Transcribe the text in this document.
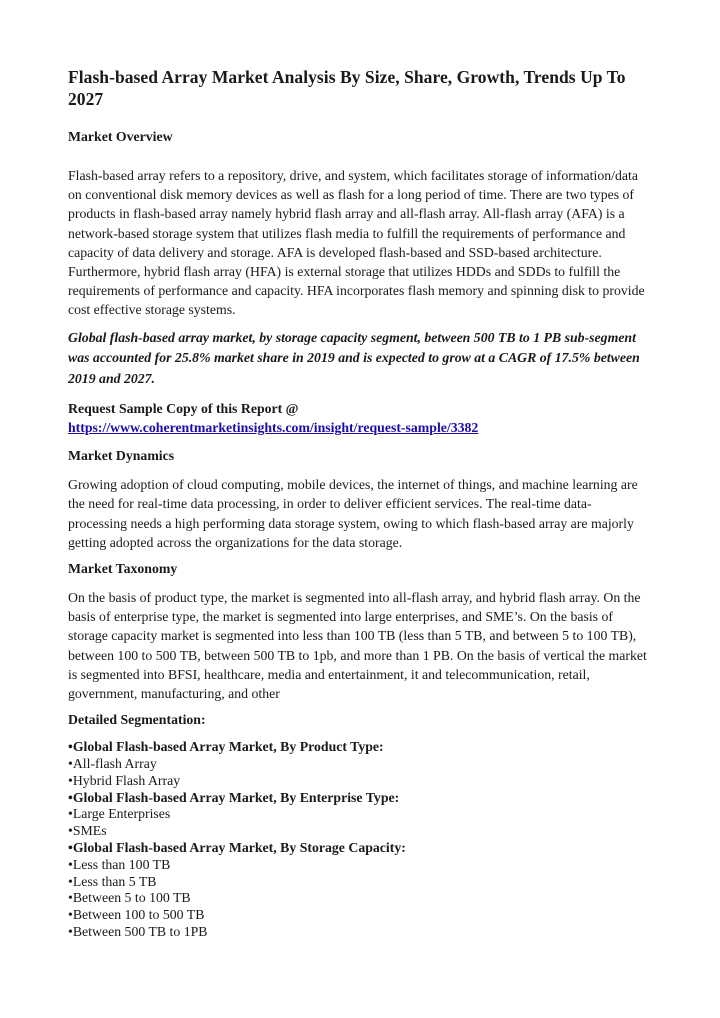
Flash-based Array Market Analysis By Size, Share, Growth, Trends Up To 2027
Market Overview

Flash-based array refers to a repository, drive, and system, which facilitates storage of information/data on conventional disk memory devices as well as flash for a long period of time. There are two types of products in flash-based array namely hybrid flash array and all-flash array. All-flash array (AFA) is a network-based storage system that utilizes flash media to fulfill the requirements of performance and capacity of data delivery and storage. AFA is developed flash-based and SSD-based architecture. Furthermore, hybrid flash array (HFA) is external storage that utilizes HDDs and SDDs to fulfill the requirements of performance and capacity. HFA incorporates flash memory and spinning disk to provide cost effective storage systems.

Global flash-based array market, by storage capacity segment, between 500 TB to 1 PB sub-segment was accounted for 25.8% market share in 2019 and is expected to grow at a CAGR of 17.5% between 2019 and 2027.

Request Sample Copy of this Report @
https://www.coherentmarketinsights.com/insight/request-sample/3382
Market Dynamics

Growing adoption of cloud computing, mobile devices, the internet of things, and machine learning are the need for real-time data processing, in order to deliver efficient services. The real-time data-processing needs a high performing data storage system, owing to which flash-based array are majorly getting adopted across the organizations for the data storage.

Market Taxonomy

On the basis of product type, the market is segmented into all-flash array, and hybrid flash array. On the basis of enterprise type, the market is segmented into large enterprises, and SME’s. On the basis of storage capacity market is segmented into less than 100 TB (less than 5 TB, and between 5 to 100 TB), between 100 to 500 TB, between 500 TB to 1pb, and more than 1 PB. On the basis of vertical the market is segmented into BFSI, healthcare, media and entertainment, it and telecommunication, retail, government, manufacturing, and other

Detailed Segmentation:
•Global Flash-based Array Market, By Product Type:
•All-flash Array
•Hybrid Flash Array
•Global Flash-based Array Market, By Enterprise Type:
•Large Enterprises
•SMEs
•Global Flash-based Array Market, By Storage Capacity:
•Less than 100 TB
•Less than 5 TB
•Between 5 to 100 TB
•Between 100 to 500 TB
•Between 500 TB to 1PB
